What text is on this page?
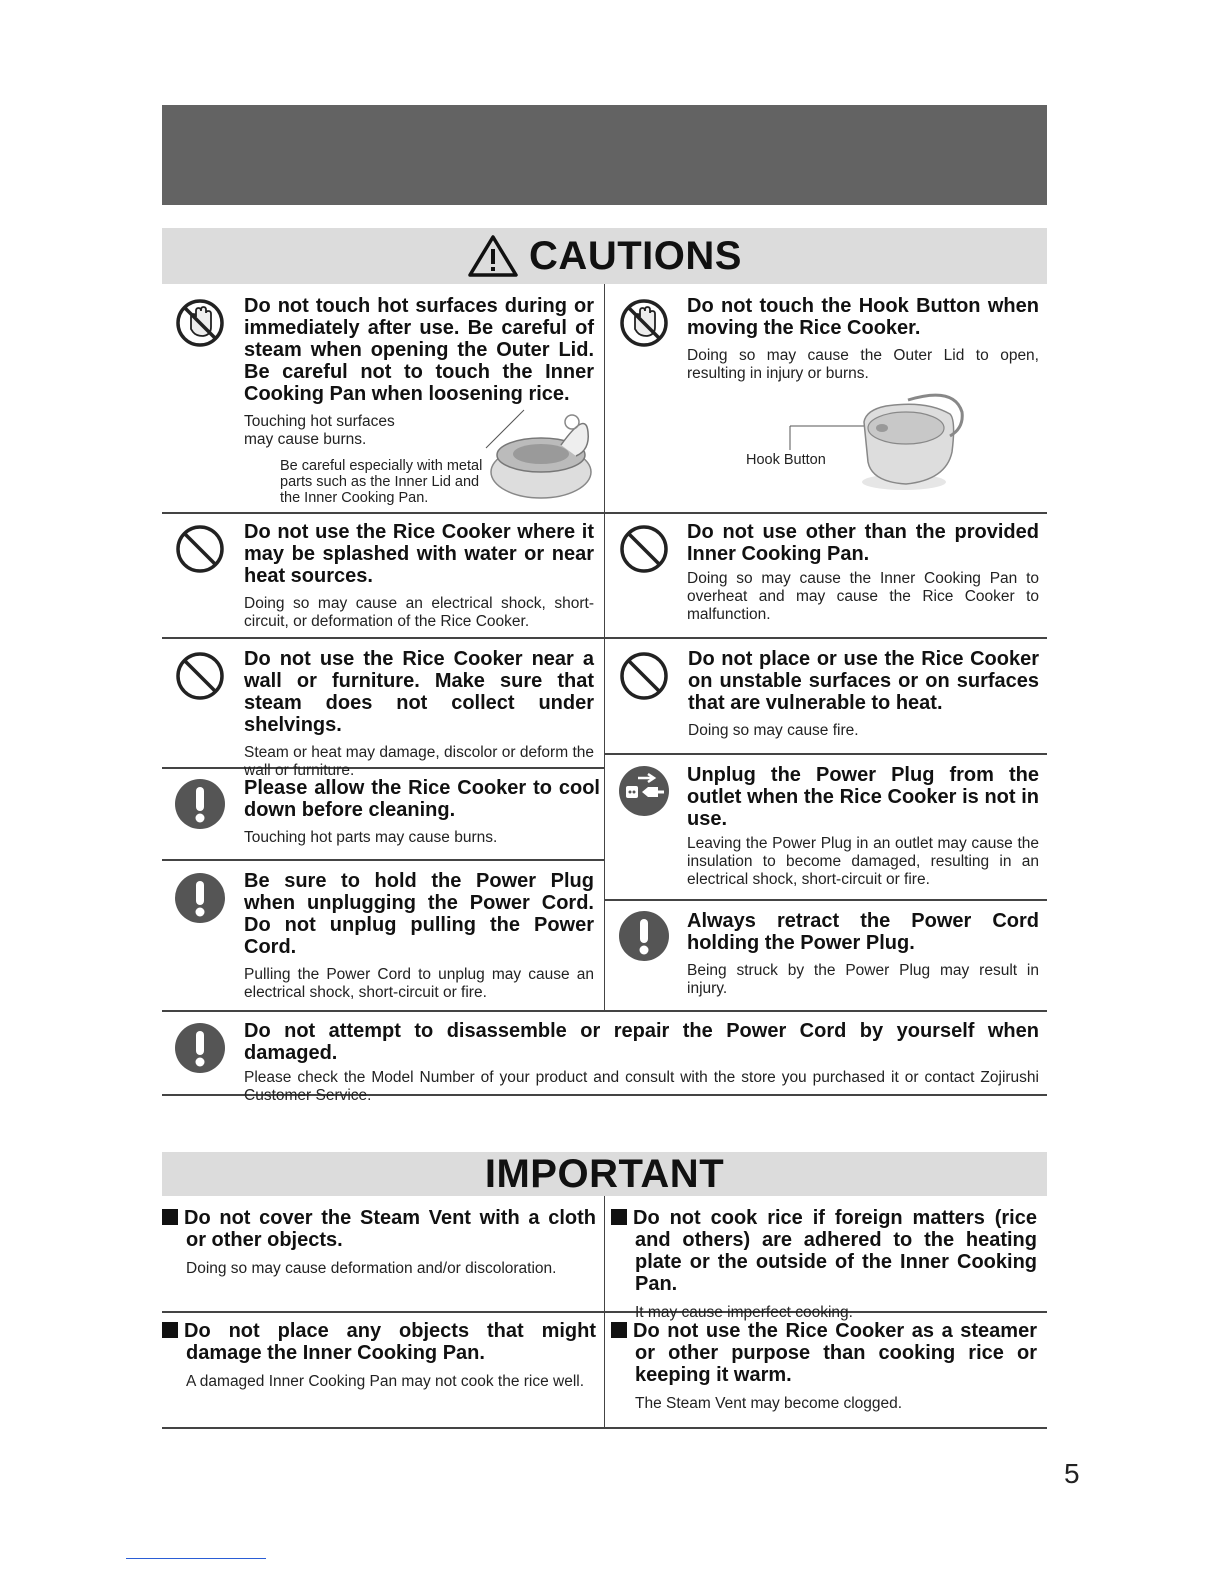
CAUTIONS
Do not touch hot surfaces during or immediately after use. Be careful of steam when opening the Outer Lid. Be careful not to touch the Inner Cooking Pan when loosening rice.
Touching hot surfaces may cause burns.
Be careful especially with metal parts such as the Inner Lid and the Inner Cooking Pan.
Do not touch the Hook Button when moving the Rice Cooker.
Doing so may cause the Outer Lid to open, resulting in injury or burns.
Hook Button
Do not use the Rice Cooker where it may be splashed with water or near heat sources.
Doing so may cause an electrical shock, short-circuit, or deformation of the Rice Cooker.
Do not use other than the provided Inner Cooking Pan.
Doing so may cause the Inner Cooking Pan to overheat and may cause the Rice Cooker to malfunction.
Do not use the Rice Cooker near a wall or furniture. Make sure that steam does not collect under shelvings.
Steam or heat may damage, discolor or deform the wall or furniture.
Do not place or use the Rice Cooker on unstable surfaces or on surfaces that are vulnerable to heat.
Doing so may cause fire.
Please allow the Rice Cooker to cool down before cleaning.
Touching hot parts may cause burns.
Unplug the Power Plug from the outlet when the Rice Cooker is not in use.
Leaving the Power Plug in an outlet may cause the insulation to become damaged, resulting in an electrical shock, short-circuit or fire.
Be sure to hold the Power Plug when unplugging the Power Cord. Do not unplug pulling the Power Cord.
Pulling the Power Cord to unplug may cause an electrical shock, short-circuit or fire.
Always retract the Power Cord holding the Power Plug.
Being struck by the Power Plug may result in injury.
Do not attempt to disassemble or repair the Power Cord by yourself when damaged.
Please check the Model Number of your product and consult with the store you purchased it or contact Zojirushi Customer Service.
IMPORTANT
Do not cover the Steam Vent with a cloth or other objects.
Doing so may cause deformation and/or discoloration.
Do not cook rice if foreign matters (rice and others) are adhered to the heating plate or the outside of the Inner Cooking Pan.
It may cause imperfect cooking.
Do not place any objects that might damage the Inner Cooking Pan.
A damaged Inner Cooking Pan may not cook the rice well.
Do not use the Rice Cooker as a steamer or other purpose than cooking rice or keeping it warm.
The Steam Vent may become clogged.
5
